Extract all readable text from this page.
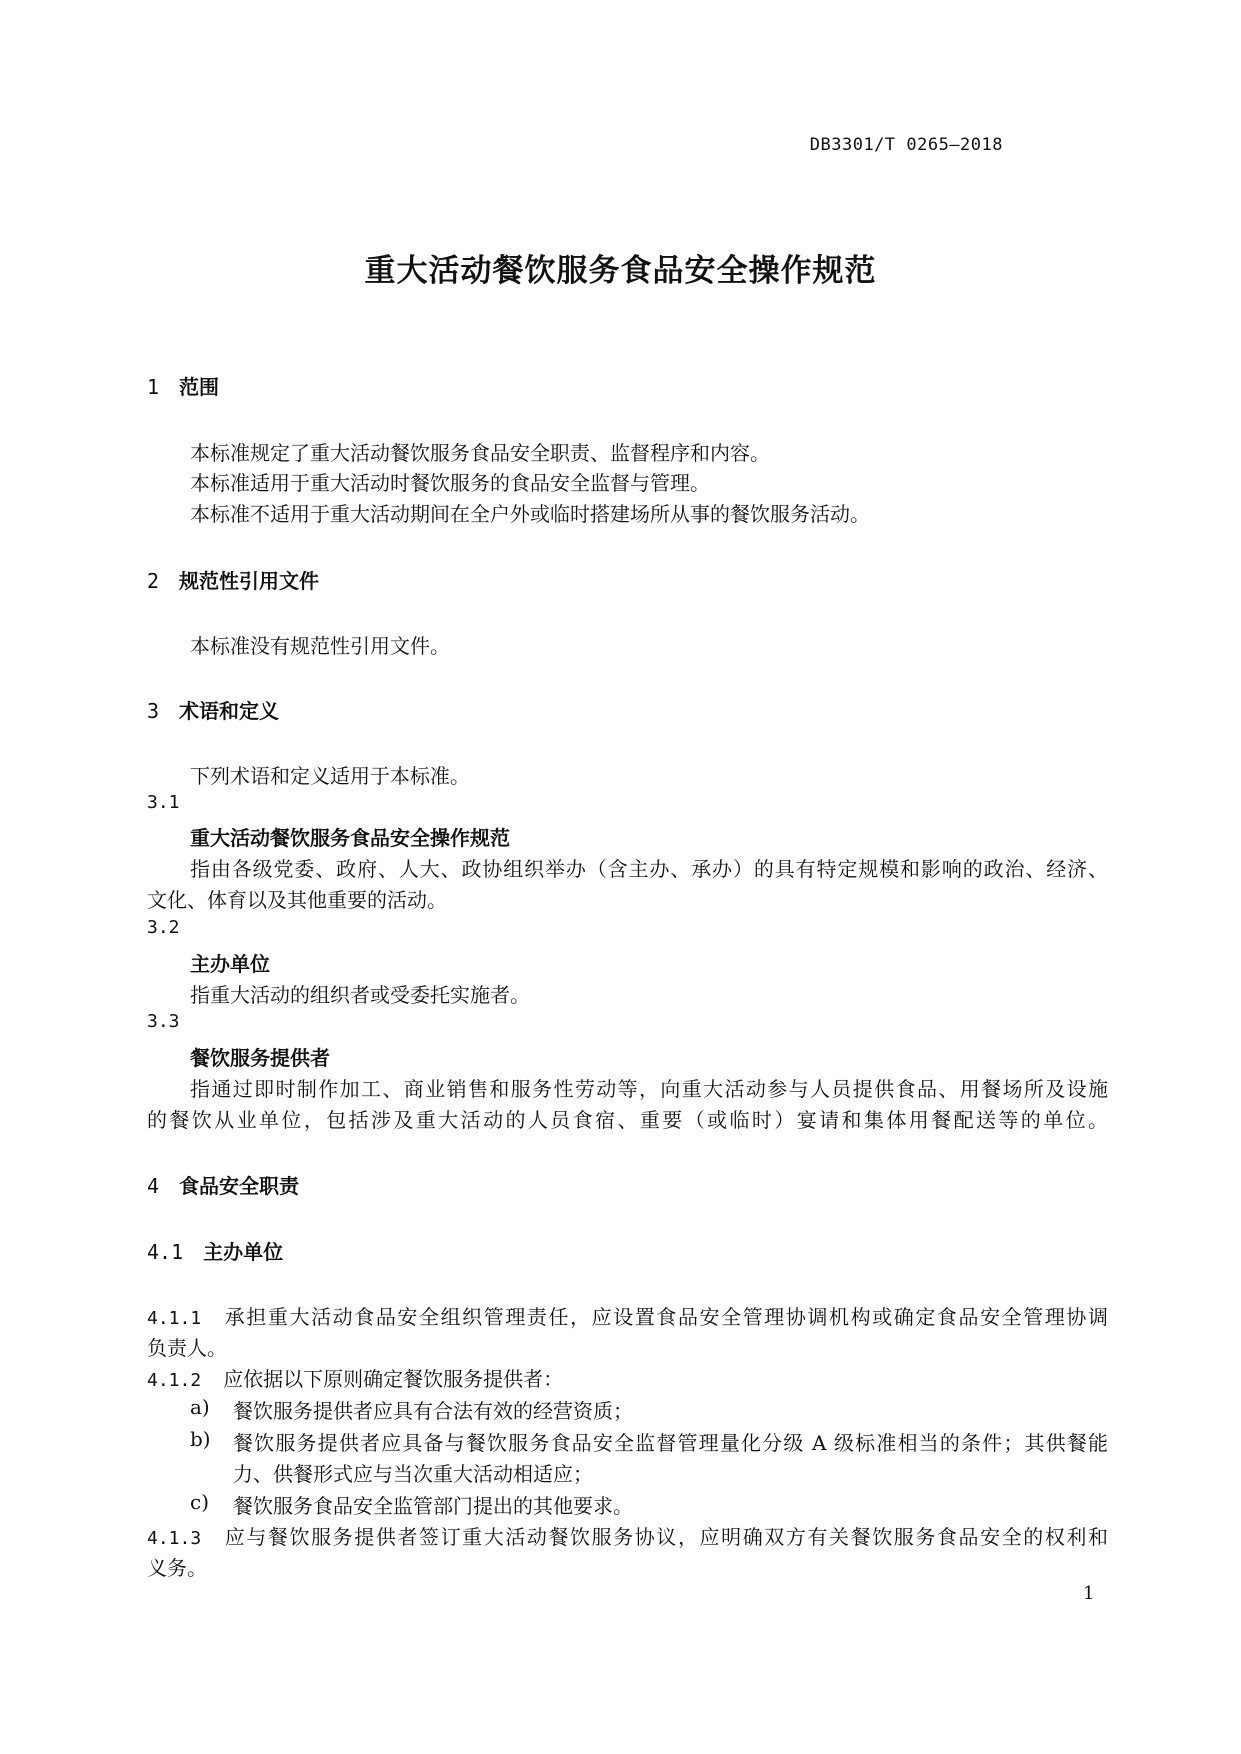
DB3301/T 0265—2018
重大活动餐饮服务食品安全操作规范
1 范围
本标准规定了重大活动餐饮服务食品安全职责、监督程序和内容。
本标准适用于重大活动时餐饮服务的食品安全监督与管理。
本标准不适用于重大活动期间在全户外或临时搭建场所从事的餐饮服务活动。
2 规范性引用文件
本标准没有规范性引用文件。
3 术语和定义
下列术语和定义适用于本标准。
3.1
重大活动餐饮服务食品安全操作规范
指由各级党委、政府、人大、政协组织举办（含主办、承办）的具有特定规模和影响的政治、经济、
文化、体育以及其他重要的活动。
3.2
主办单位
指重大活动的组织者或受委托实施者。
3.3
餐饮服务提供者
指通过即时制作加工、商业销售和服务性劳动等，向重大活动参与人员提供食品、用餐场所及设施
的餐饮从业单位，包括涉及重大活动的人员食宿、重要（或临时）宴请和集体用餐配送等的单位。
4 食品安全职责
4.1 主办单位
4.1.1 承担重大活动食品安全组织管理责任，应设置食品安全管理协调机构或确定食品安全管理协调
负责人。
4.1.2 应依据以下原则确定餐饮服务提供者：
a) 餐饮服务提供者应具有合法有效的经营资质；
b) 餐饮服务提供者应具备与餐饮服务食品安全监督管理量化分级 A 级标准相当的条件；其供餐能
力、供餐形式应与当次重大活动相适应；
c) 餐饮服务食品安全监管部门提出的其他要求。
4.1.3 应与餐饮服务提供者签订重大活动餐饮服务协议，应明确双方有关餐饮服务食品安全的权利和
义务。
1
